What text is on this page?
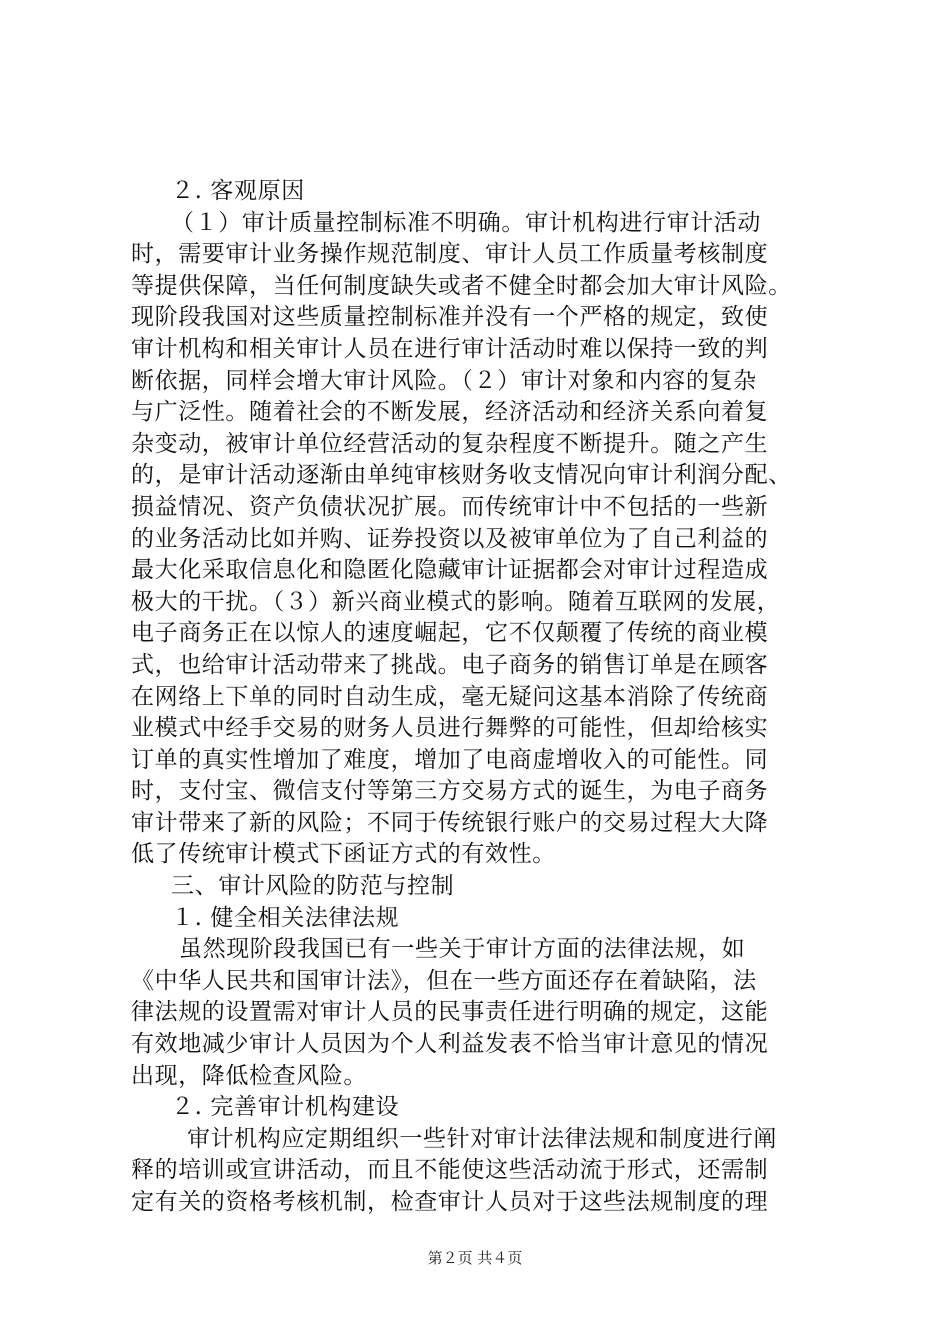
２. 客观原因
（１）审计质量控制标准不明确。审计机构进行审计活动
时，需要审计业务操作规范制度、审计人员工作质量考核制度
等提供保障，当任何制度缺失或者不健全时都会加大审计风险。
现阶段我国对这些质量控制标准并没有一个严格的规定，致使
审计机构和相关审计人员在进行审计活动时难以保持一致的判
断依据，同样会增大审计风险。（２）审计对象和内容的复杂
与广泛性。随着社会的不断发展，经济活动和经济关系向着复
杂变动，被审计单位经营活动的复杂程度不断提升。随之产生
的，是审计活动逐渐由单纯审核财务收支情况向审计利润分配、
损益情况、资产负债状况扩展。而传统审计中不包括的一些新
的业务活动比如并购、证券投资以及被审单位为了自己利益的
最大化采取信息化和隐匿化隐藏审计证据都会对审计过程造成
极大的干扰。（３）新兴商业模式的影响。随着互联网的发展，
电子商务正在以惊人的速度崛起，它不仅颠覆了传统的商业模
式，也给审计活动带来了挑战。电子商务的销售订单是在顾客
在网络上下单的同时自动生成，毫无疑问这基本消除了传统商
业模式中经手交易的财务人员进行舞弊的可能性，但却给核实
订单的真实性增加了难度，增加了电商虚增收入的可能性。同
时，支付宝、微信支付等第三方交易方式的诞生，为电子商务
审计带来了新的风险；不同于传统银行账户的交易过程大大降
低了传统审计模式下函证方式的有效性。
三、审计风险的防范与控制
１. 健全相关法律法规
虽然现阶段我国已有一些关于审计方面的法律法规，如
《中华人民共和国审计法》，但在一些方面还存在着缺陷，法
律法规的设置需对审计人员的民事责任进行明确的规定，这能
有效地减少审计人员因为个人利益发表不恰当审计意见的情况
出现，降低检查风险。
２. 完善审计机构建设
审计机构应定期组织一些针对审计法律法规和制度进行阐
释的培训或宣讲活动，而且不能使这些活动流于形式，还需制
定有关的资格考核机制，检查审计人员对于这些法规制度的理
第２页 共４页
